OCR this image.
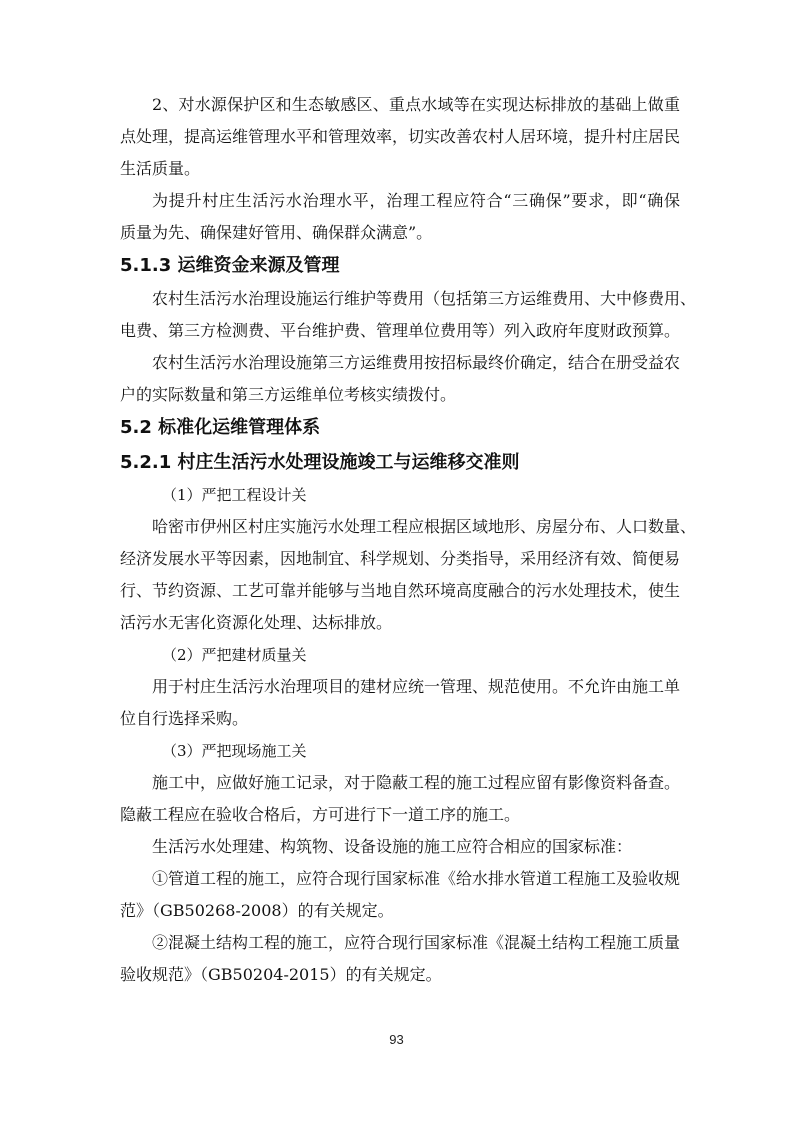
2、对水源保护区和生态敏感区、重点水域等在实现达标排放的基础上做重
点处理，提高运维管理水平和管理效率，切实改善农村人居环境，提升村庄居民
生活质量。
为提升村庄生活污水治理水平，治理工程应符合“三确保”要求，即“确保
质量为先、确保建好管用、确保群众满意”。
5.1.3 运维资金来源及管理
农村生活污水治理设施运行维护等费用（包括第三方运维费用、大中修费用、
电费、第三方检测费、平台维护费、管理单位费用等）列入政府年度财政预算。
农村生活污水治理设施第三方运维费用按招标最终价确定，结合在册受益农
户的实际数量和第三方运维单位考核实绩拨付。
5.2 标准化运维管理体系
5.2.1 村庄生活污水处理设施竣工与运维移交准则
（1）严把工程设计关
哈密市伊州区村庄实施污水处理工程应根据区域地形、房屋分布、人口数量、
经济发展水平等因素，因地制宜、科学规划、分类指导，采用经济有效、简便易
行、节约资源、工艺可靠并能够与当地自然环境高度融合的污水处理技术，使生
活污水无害化资源化处理、达标排放。
（2）严把建材质量关
用于村庄生活污水治理项目的建材应统一管理、规范使用。不允许由施工单
位自行选择采购。
（3）严把现场施工关
施工中，应做好施工记录，对于隐蔽工程的施工过程应留有影像资料备查。
隐蔽工程应在验收合格后，方可进行下一道工序的施工。
生活污水处理建、构筑物、设备设施的施工应符合相应的国家标准：
①管道工程的施工，应符合现行国家标准《给水排水管道工程施工及验收规
范》（GB50268-2008）的有关规定。
②混凝土结构工程的施工，应符合现行国家标准《混凝土结构工程施工质量
验收规范》（GB50204-2015）的有关规定。
93
